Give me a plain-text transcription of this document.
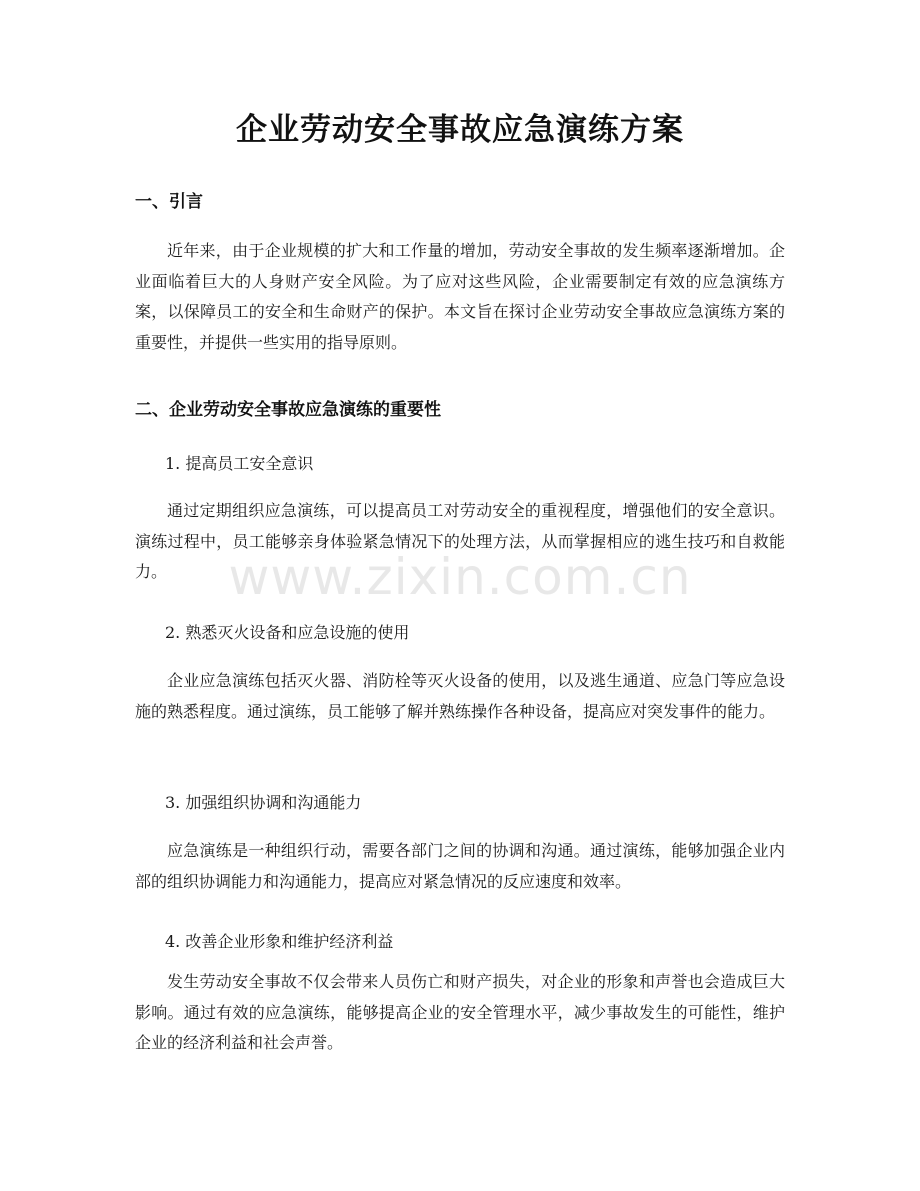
企业劳动安全事故应急演练方案
一、引言

近年来，由于企业规模的扩大和工作量的增加，劳动安全事故的发生频率逐渐增加。企业面临着巨大的人身财产安全风险。为了应对这些风险，企业需要制定有效的应急演练方案，以保障员工的安全和生命财产的保护。本文旨在探讨企业劳动安全事故应急演练方案的重要性，并提供一些实用的指导原则。

二、企业劳动安全事故应急演练的重要性
1. 提高员工安全意识

通过定期组织应急演练，可以提高员工对劳动安全的重视程度，增强他们的安全意识。演练过程中，员工能够亲身体验紧急情况下的处理方法，从而掌握相应的逃生技巧和自救能力。

2. 熟悉灭火设备和应急设施的使用

企业应急演练包括灭火器、消防栓等灭火设备的使用，以及逃生通道、应急门等应急设施的熟悉程度。通过演练，员工能够了解并熟练操作各种设备，提高应对突发事件的能力。

3. 加强组织协调和沟通能力

应急演练是一种组织行动，需要各部门之间的协调和沟通。通过演练，能够加强企业内部的组织协调能力和沟通能力，提高应对紧急情况的反应速度和效率。

4. 改善企业形象和维护经济利益

发生劳动安全事故不仅会带来人员伤亡和财产损失，对企业的形象和声誉也会造成巨大影响。通过有效的应急演练，能够提高企业的安全管理水平，减少事故发生的可能性，维护企业的经济利益和社会声誉。

www.zixin.com.cn
